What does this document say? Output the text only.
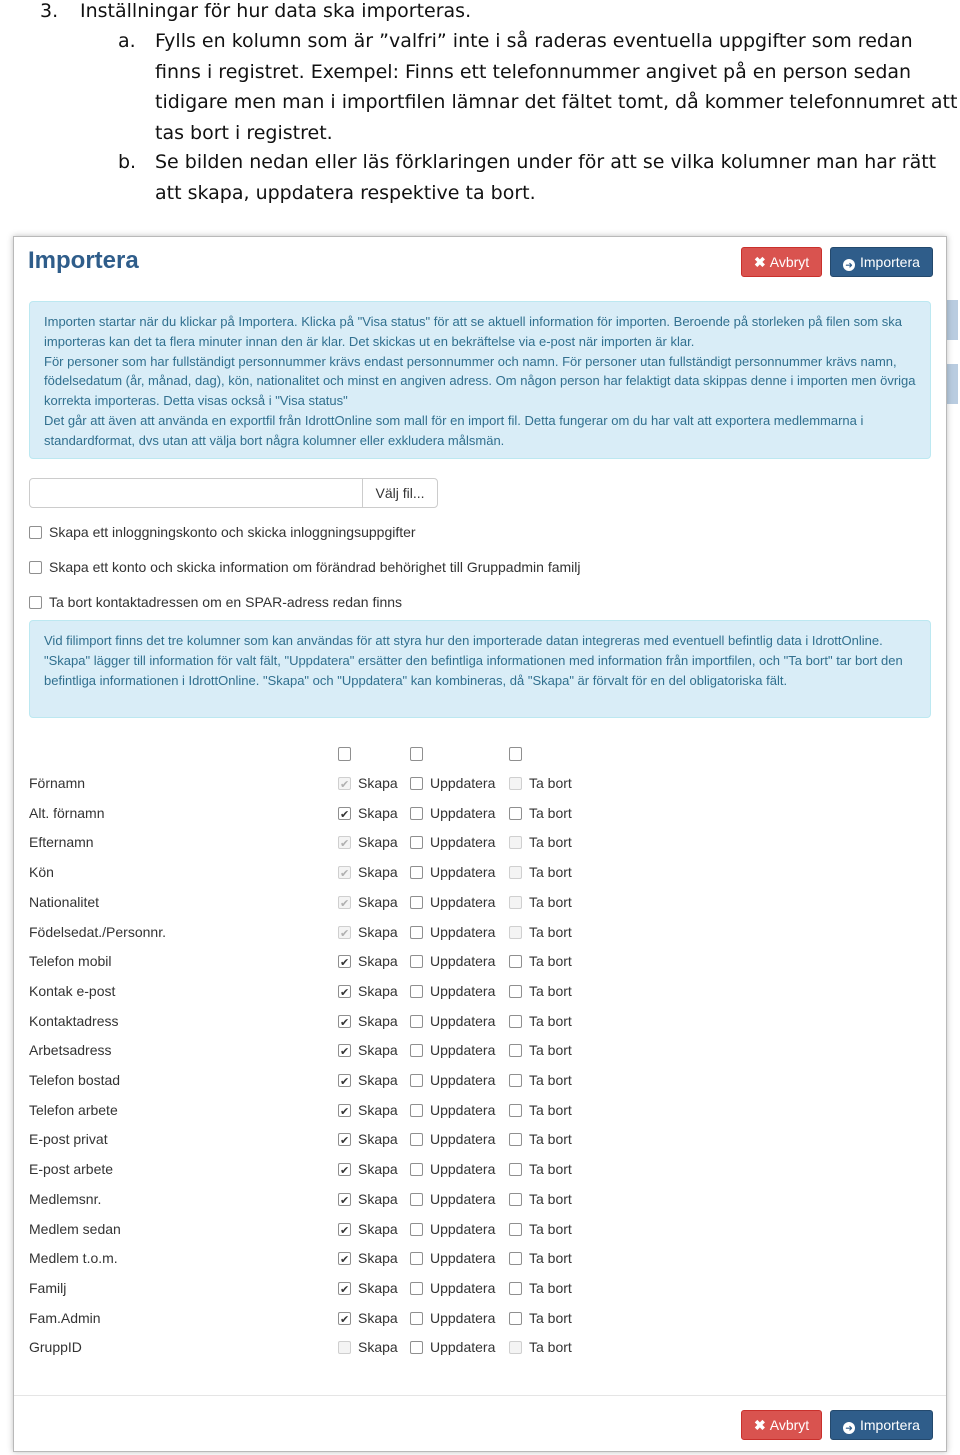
3. Inställningar för hur data ska importeras.
a. Fylls en kolumn som är ”valfri” inte i så raderas eventuella uppgifter som redan finns i registret. Exempel: Finns ett telefonnummer angivet på en person sedan tidigare men man i importfilen lämnar det fältet tomt, då kommer telefonnumret att tas bort i registret.
b. Se bilden nedan eller läs förklaringen under för att se vilka kolumner man har rätt att skapa, uppdatera respektive ta bort.
Importera	✖ Avbryt	➜ Importera
Importen startar när du klickar på Importera. Klicka på "Visa status" för att se aktuell information för importen. Beroende på storleken på filen som ska importeras kan det ta flera minuter innan den är klar. Det skickas ut en bekräftelse via e-post när importen är klar.
För personer som har fullständigt personnummer krävs endast personnummer och namn. För personer utan fullständigt personnummer krävs namn, födelsedatum (år, månad, dag), kön, nationalitet och minst en angiven adress. Om någon person har felaktigt data skippas denne i importen men övriga korrekta importeras. Detta visas också i "Visa status"
Det går att även att använda en exportfil från IdrottOnline som mall för en import fil. Detta fungerar om du har valt att exportera medlemmarna i standardformat, dvs utan att välja bort några kolumner eller exkludera målsmän.
Välj fil...
Skapa ett inloggningskonto och skicka inloggningsuppgifter
Skapa ett konto och skicka information om förändrad behörighet till Gruppadmin familj
Ta bort kontaktadressen om en SPAR-adress redan finns
Vid filimport finns det tre kolumner som kan användas för att styra hur den importerade datan integreras med eventuell befintlig data i IdrottOnline. "Skapa" lägger till information för valt fält, "Uppdatera" ersätter den befintliga informationen med information från importfilen, och "Ta bort" tar bort den befintliga informationen i IdrottOnline. "Skapa" och "Uppdatera" kan kombineras, då "Skapa" är förvalt för en del obligatoriska fält.
Förnamn ✔	Skapa	Uppdatera	Ta bort
Alt. förnamn ✔	Skapa	Uppdatera	Ta bort
Efternamn ✔	Skapa	Uppdatera	Ta bort
Kön ✔	Skapa	Uppdatera	Ta bort
Nationalitet ✔	Skapa	Uppdatera	Ta bort
Födelsedat./Personnr. ✔	Skapa	Uppdatera	Ta bort
Telefon mobil ✔	Skapa	Uppdatera	Ta bort
Kontak e-post ✔	Skapa	Uppdatera	Ta bort
Kontaktadress ✔	Skapa	Uppdatera	Ta bort
Arbetsadress ✔	Skapa	Uppdatera	Ta bort
Telefon bostad ✔	Skapa	Uppdatera	Ta bort
Telefon arbete ✔	Skapa	Uppdatera	Ta bort
E-post privat ✔	Skapa	Uppdatera	Ta bort
E-post arbete ✔	Skapa	Uppdatera	Ta bort
Medlemsnr. ✔	Skapa	Uppdatera	Ta bort
Medlem sedan ✔	Skapa	Uppdatera	Ta bort
Medlem t.o.m. ✔	Skapa	Uppdatera	Ta bort
Familj ✔	Skapa	Uppdatera	Ta bort
Fam.Admin ✔	Skapa	Uppdatera	Ta bort
GruppID	Skapa	Uppdatera	Ta bort
✖ Avbryt	➜ Importera
